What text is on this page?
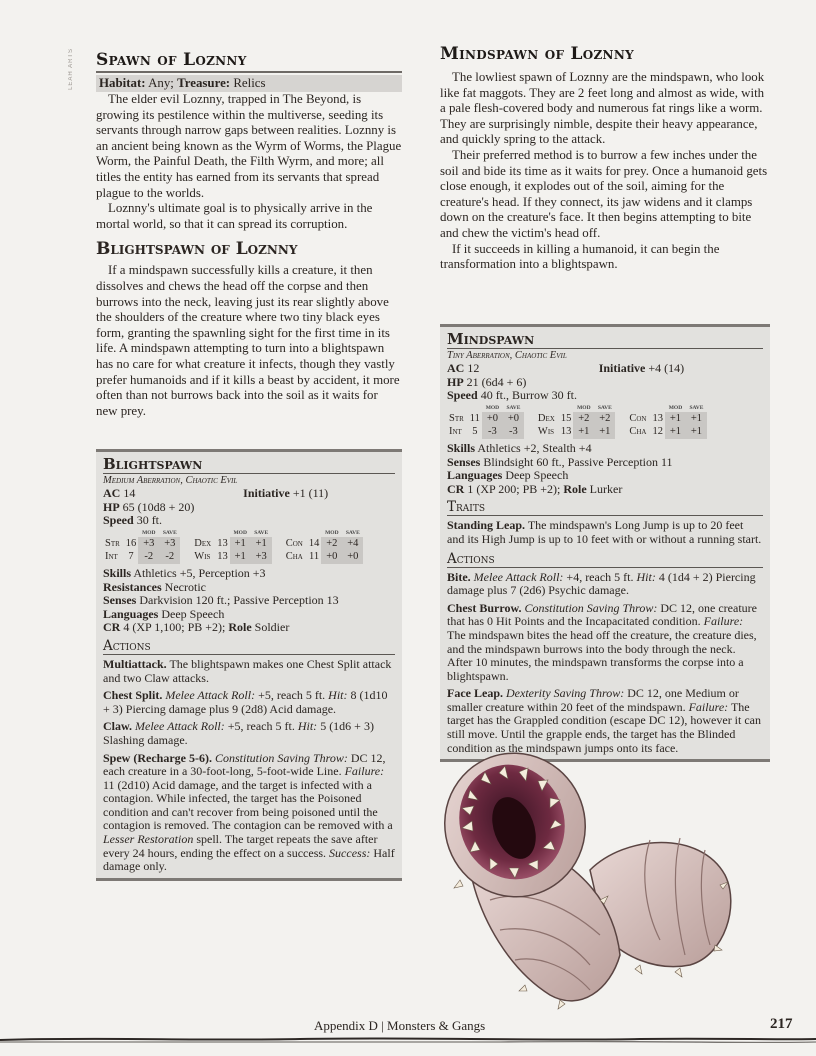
LEAH ARTS Spawn of Loznny
Habitat: Any; Treasure: Relics

The elder evil Loznny, trapped in The Beyond, is growing its pestilence within the multiverse, seeding its servants through narrow gaps between realities. Loznny is an ancient being known as the Wyrm of Worms, the Plague Worm, the Painful Death, the Filth Wyrm, and more; all titles the entity has earned from its servants that spread plague to the worlds.

Loznny's ultimate goal is to physically arrive in the mortal world, so that it can spread its corruption.

Blightspawn of Loznny

If a mindspawn successfully kills a creature, it then dissolves and chews the head off the corpse and then burrows into the neck, leaving just its rear slightly above the shoulders of the creature where two tiny black eyes form, granting the spawnling sight for the first time in its life. A mindspawn attempting to turn into a blightspawn has no care for what creature it infects, though they vastly prefer humanoids and if it kills a beast by accident, it more often than not burrows back into the soil as it waits for new prey.

Mindspawn of Loznny

The lowliest spawn of Loznny are the mindspawn, who look like fat maggots. They are 2 feet long and almost as wide, with a pale flesh-covered body and numerous fat rings like a worm. They are surprisingly nimble, despite their heavy appearance, and quickly spring to the attack.

Their preferred method is to burrow a few inches under the soil and bide its time as it waits for prey. Once a humanoid gets close enough, it explodes out of the soil, aiming for the creature's head. If they connect, its jaw widens and it clamps down on the creature's face. It then begins attempting to bite and chew the victim's head off.

If it succeeds in killing a humanoid, it can begin the transformation into a blightspawn.

Blightspawn
Medium Aberration, Chaotic Evil
AC 14	Initiative +1 (11)
HP 65 (10d8 + 20)
Speed 30 ft.
		MOD	SAVE				MOD	SAVE				MOD	SAVE
Str	16	+3	+3		Dex	13	+1	+1		Con	14	+2	+4
Int	7	-2	-2		Wis	13	+1	+3		Cha	11	+0	+0
Skills Athletics +5, Perception +3
Resistances Necrotic
Senses Darkvision 120 ft.; Passive Perception 13
Languages Deep Speech
CR 4 (XP 1,100; PB +2); Role Soldier
Actions
Multiattack. The blightspawn makes one Chest Split attack and two Claw attacks.
Chest Split. Melee Attack Roll: +5, reach 5 ft. Hit: 8 (1d10 + 3) Piercing damage plus 9 (2d8) Acid damage.
Claw. Melee Attack Roll: +5, reach 5 ft. Hit: 5 (1d6 + 3) Slashing damage.
Spew (Recharge 5-6). Constitution Saving Throw: DC 12, each creature in a 30-foot-long, 5-foot-wide Line. Failure: 11 (2d10) Acid damage, and the target is infected with a contagion. While infected, the target has the Poisoned condition and can't recover from being poisoned until the contagion is removed. The contagion can be removed with a Lesser Restoration spell. The target repeats the save after every 24 hours, ending the effect on a success. Success: Half damage only.
Mindspawn
Tiny Aberration, Chaotic Evil
AC 12	Initiative +4 (14)
HP 21 (6d4 + 6)
Speed 40 ft., Burrow 30 ft.
		MOD	SAVE				MOD	SAVE				MOD	SAVE
Str	11	+0	+0		Dex	15	+2	+2		Con	13	+1	+1
Int	5	-3	-3		Wis	13	+1	+1		Cha	12	+1	+1
Skills Athletics +2, Stealth +4
Senses Blindsight 60 ft., Passive Perception 11
Languages Deep Speech
CR 1 (XP 200; PB +2); Role Lurker
Traits
Standing Leap. The mindspawn's Long Jump is up to 20 feet and its High Jump is up to 10 feet with or without a running start.
Actions
Bite. Melee Attack Roll: +4, reach 5 ft. Hit: 4 (1d4 + 2) Piercing damage plus 7 (2d6) Psychic damage.
Chest Burrow. Constitution Saving Throw: DC 12, one creature that has 0 Hit Points and the Incapacitated condition. Failure: The mindspawn bites the head off the creature, the creature dies, and the mindspawn burrows into the body through the neck. After 10 minutes, the mindspawn transforms the corpse into a blightspawn.
Face Leap. Dexterity Saving Throw: DC 12, one Medium or smaller creature within 20 feet of the mindspawn. Failure: The target has the Grappled condition (escape DC 12), however it can still move. Until the grapple ends, the target has the Blinded condition as the mindspawn jumps onto its face.
Appendix D | Monsters & Gangs	217
